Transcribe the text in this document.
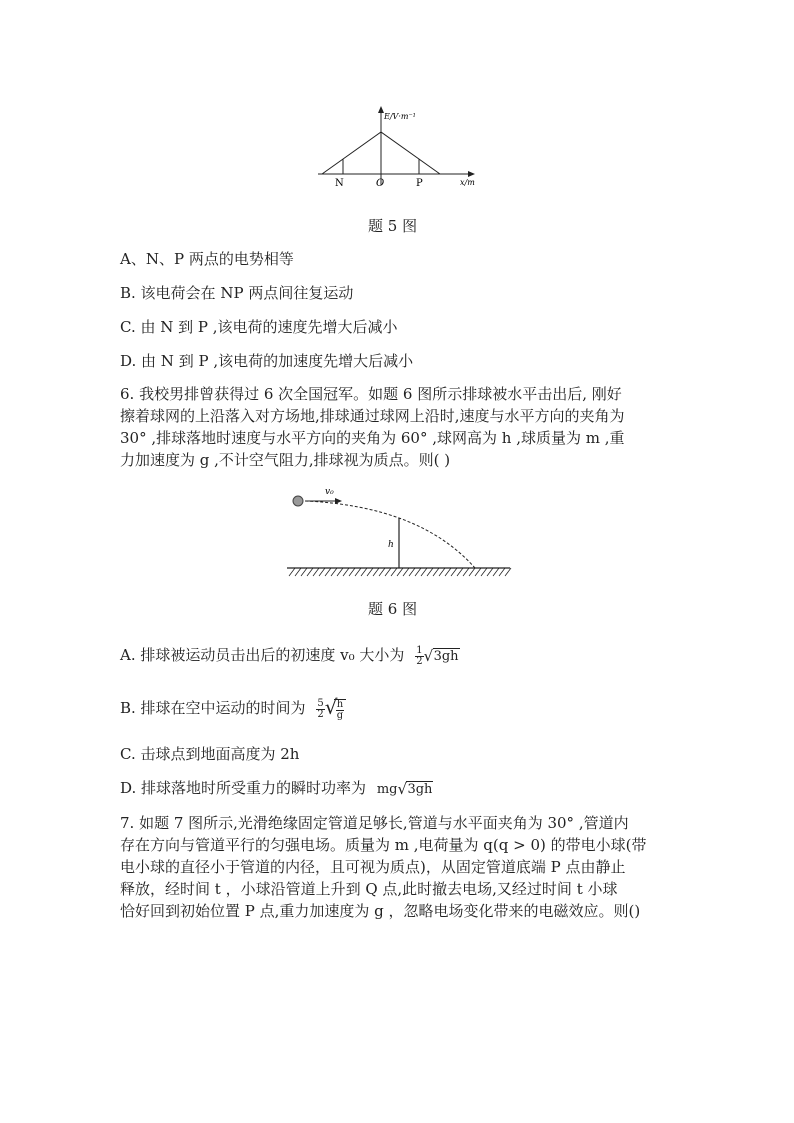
E/V·m⁻¹
x/m
N	O	P
题 5 图
A、N、P 两点的电势相等
B. 该电荷会在 NP 两点间往复运动
C. 由 N 到 P ,该电荷的速度先增大后减小
D. 由 N 到 P ,该电荷的加速度先增大后减小
6. 我校男排曾获得过 6 次全国冠军。如题 6 图所示排球被水平击出后, 刚好
擦着球网的上沿落入对方场地,排球通过球网上沿时,速度与水平方向的夹角为
30° ,排球落地时速度与水平方向的夹角为 60° ,球网高为 h ,球质量为 m ,重
力加速度为 g ,不计空气阻力,排球视为质点。则( )
v₀
h
题 6 图
A. 排球被运动员击出后的初速度 v₀ 大小为 $\frac{1}{2}$ √ 3gh
B. 排球在空中运动的时间为 $\frac{5}{2}$ √
$\frac{h}{g}$
C. 击球点到地面高度为 2h
D. 排球落地时所受重力的瞬时功率为 mg √ 3gh
7. 如题 7 图所示,光滑绝缘固定管道足够长,管道与水平面夹角为 30° ,管道内
存在方向与管道平行的匀强电场。质量为 m ,电荷量为 q(q > 0) 的带电小球(带
电小球的直径小于管道的内径，且可视为质点)，从固定管道底端 P 点由静止
释放，经时间 t ，小球沿管道上升到 Q 点,此时撤去电场,又经过时间 t 小球
恰好回到初始位置 P 点,重力加速度为 g ，忽略电场变化带来的电磁效应。则()
